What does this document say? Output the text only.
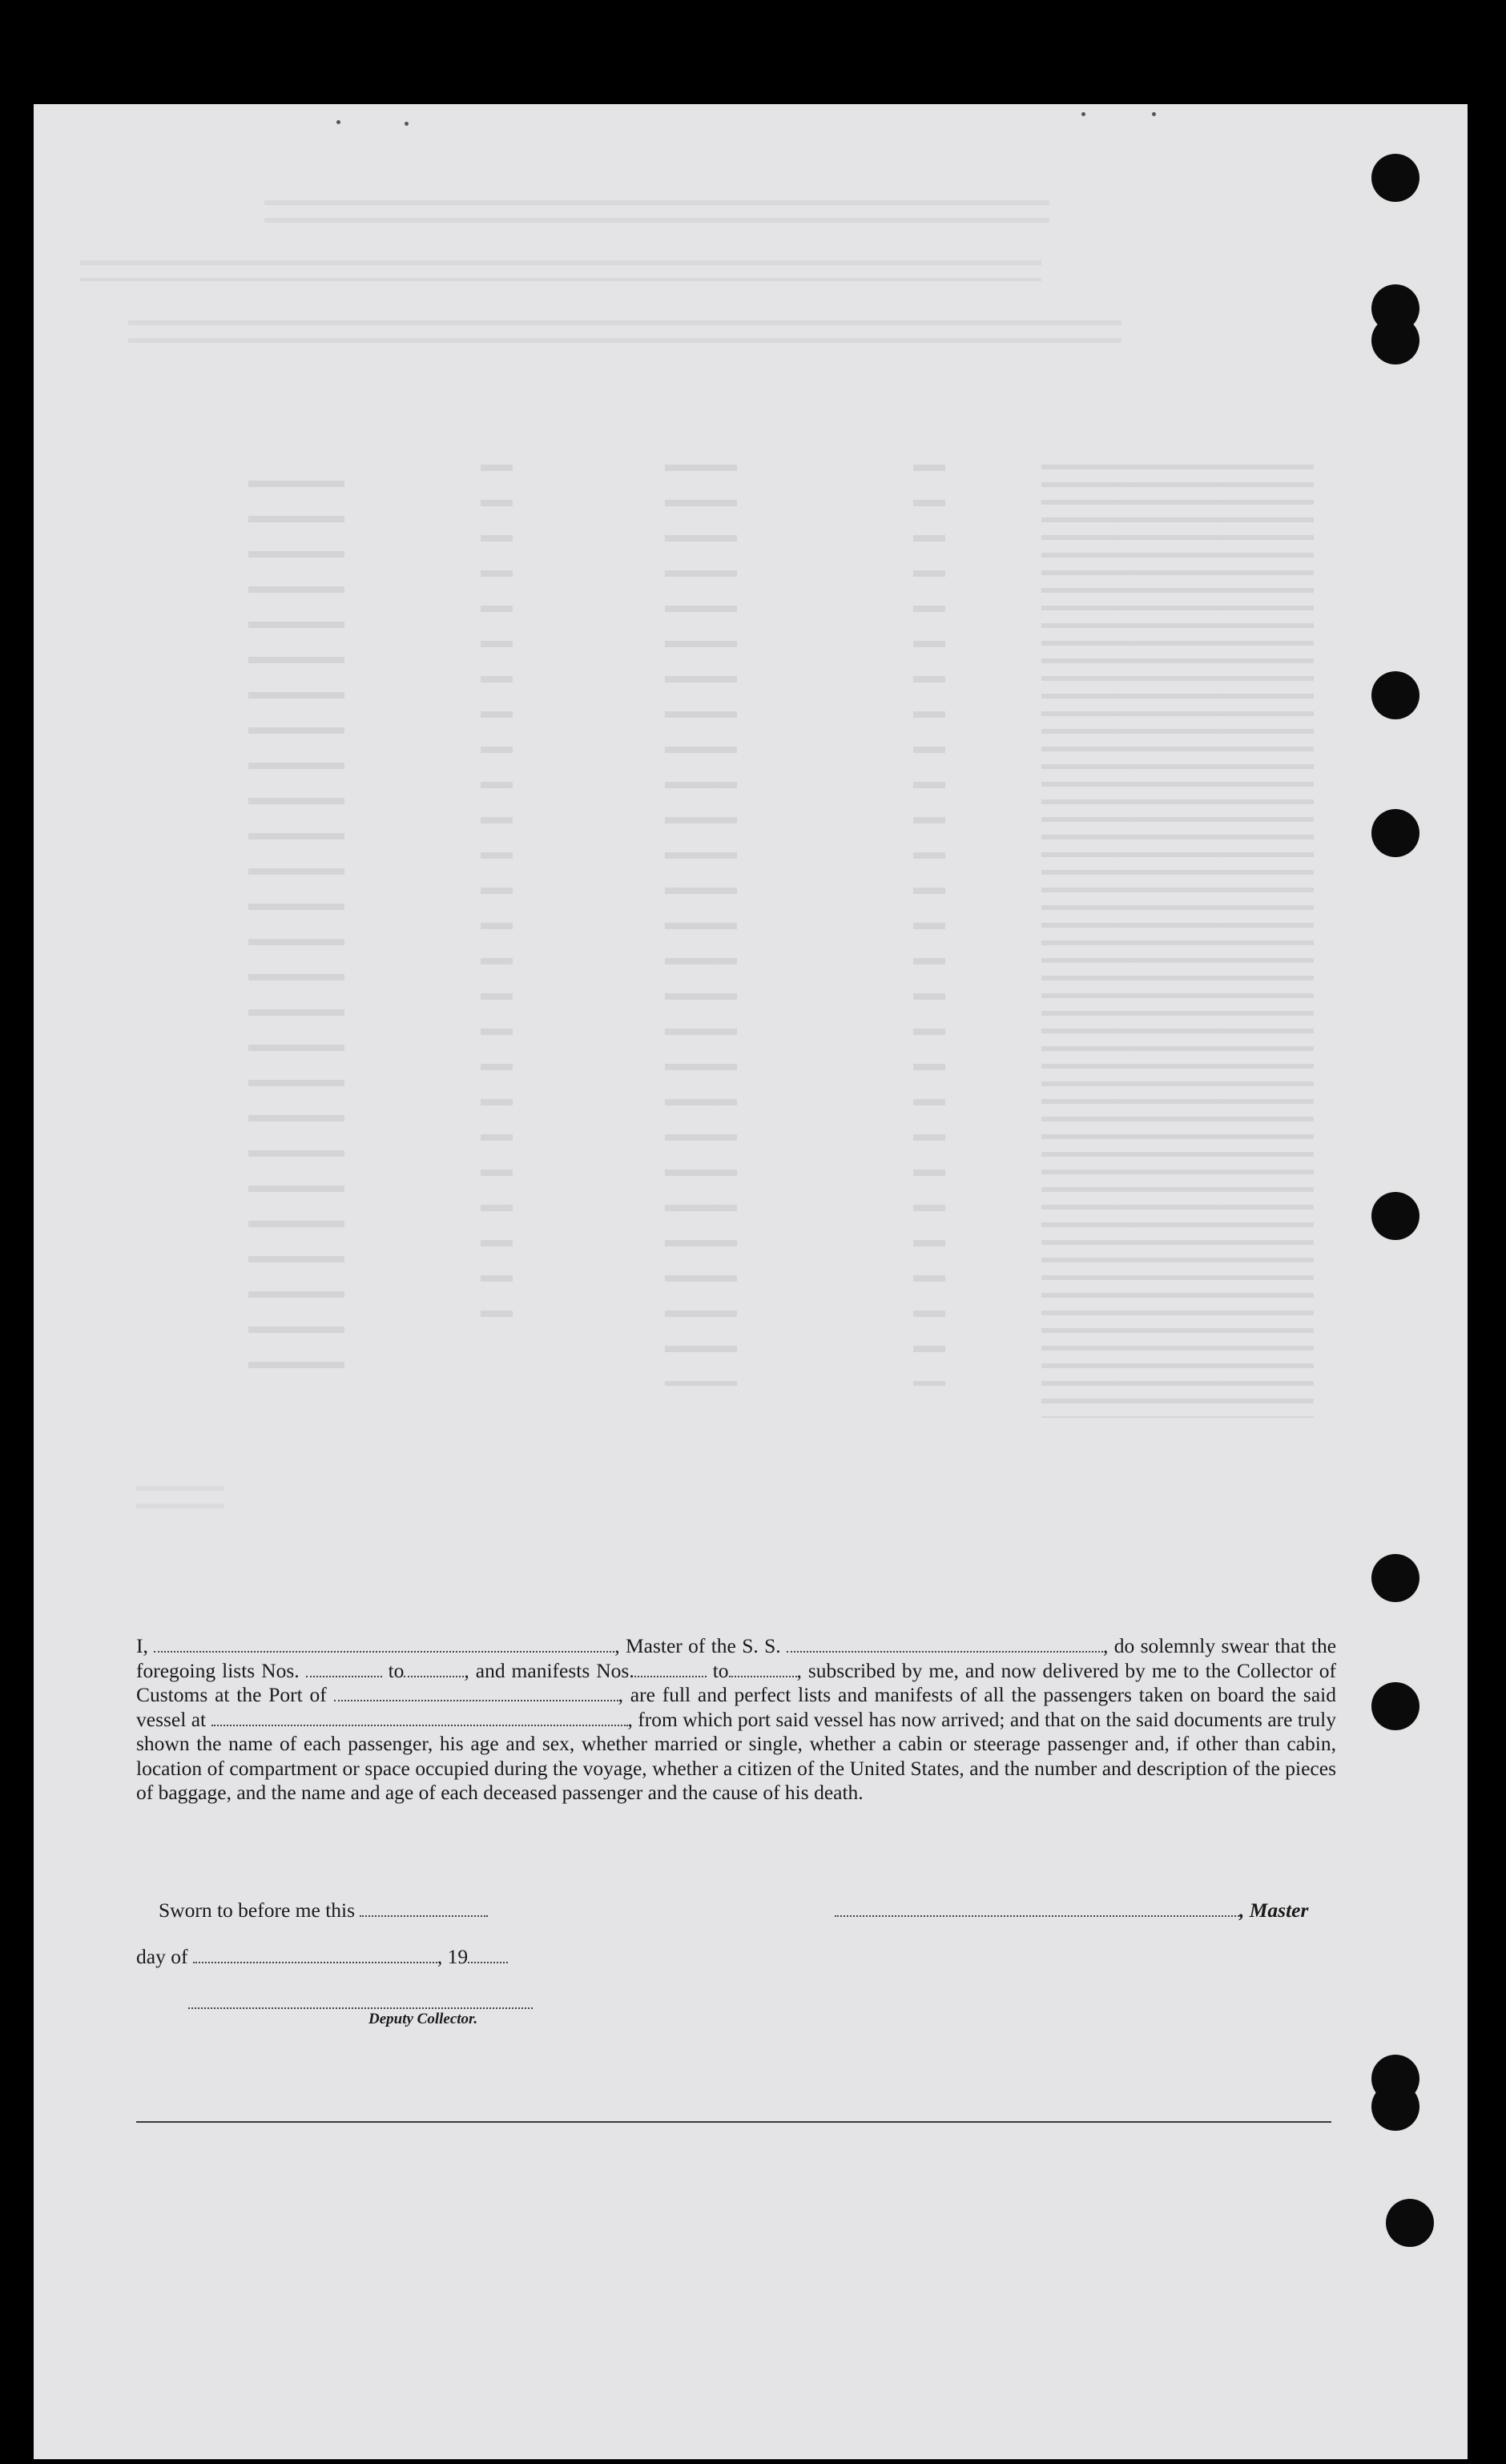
I,	, Master of the S. S.	, do solemnly swear that the foregoing lists Nos.	to	, and manifests Nos.	to	, subscribed by me, and now delivered by me to the Collector of Customs at the Port of	, are full and perfect lists and manifests of all the passengers taken on board the said vessel at	, from which port said vessel has now arrived; and that on the said documents are truly shown the name of each passenger, his age and sex, whether married or single, whether a cabin or steerage passenger and, if other than cabin, location of compartment or space occupied during the voyage, whether a citizen of the United States, and the number and description of the pieces of baggage, and the name and age of each deceased passenger and the cause of his death.

Sworn to before me this	, Master
day of	, 19
Deputy Collector.
